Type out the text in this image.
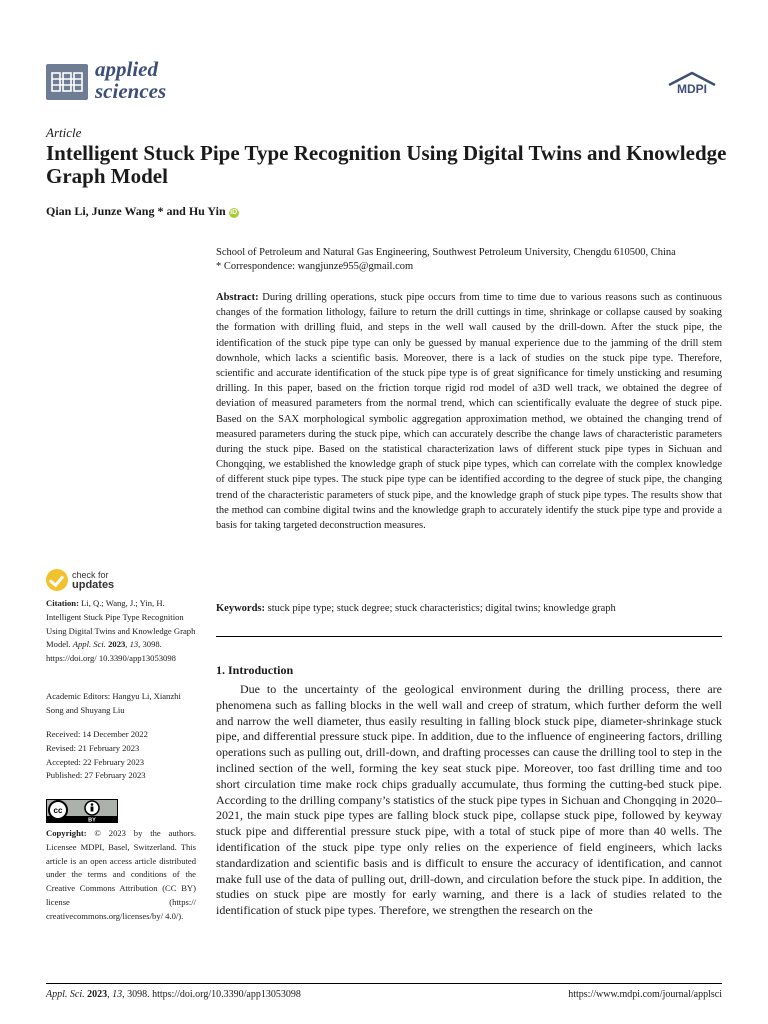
applied
sciences	MDPI
Article
Intelligent Stuck Pipe Type Recognition Using Digital Twins and Knowledge Graph Model
Qian Li, Junze Wang * and Hu Yin iD
School of Petroleum and Natural Gas Engineering, Southwest Petroleum University, Chengdu 610500, China
* Correspondence: wangjunze955@gmail.com
Abstract: During drilling operations, stuck pipe occurs from time to time due to various reasons such as continuous changes of the formation lithology, failure to return the drill cuttings in time, shrinkage or collapse caused by soaking the formation with drilling fluid, and steps in the well wall caused by the drill-down. After the stuck pipe, the identification of the stuck pipe type can only be guessed by manual experience due to the jamming of the drill stem downhole, which lacks a scientific basis. Moreover, there is a lack of studies on the stuck pipe type. Therefore, scientific and accurate identification of the stuck pipe type is of great significance for timely unsticking and resuming drilling. In this paper, based on the friction torque rigid rod model of a3D well track, we obtained the degree of deviation of measured parameters from the normal trend, which can scientifically evaluate the degree of stuck pipe. Based on the SAX morphological symbolic aggregation approximation method, we obtained the changing trend of measured parameters during the stuck pipe, which can accurately describe the change laws of characteristic parameters during the stuck pipe. Based on the statistical characterization laws of different stuck pipe types in Sichuan and Chongqing, we established the knowledge graph of stuck pipe types, which can correlate with the complex knowledge of different stuck pipe types. The stuck pipe type can be identified according to the degree of stuck pipe, the changing trend of the characteristic parameters of stuck pipe, and the knowledge graph of stuck pipe types. The results show that the method can combine digital twins and the knowledge graph to accurately identify the stuck pipe type and provide a basis for taking targeted deconstruction measures.
Keywords: stuck pipe type; stuck degree; stuck characteristics; digital twins; knowledge graph
1. Introduction
Due to the uncertainty of the geological environment during the drilling process, there are phenomena such as falling blocks in the well wall and creep of stratum, which further deform the well and narrow the well diameter, thus easily resulting in falling block stuck pipe, diameter-shrinkage stuck pipe, and differential pressure stuck pipe. In addition, due to the influence of engineering factors, drilling operations such as pulling out, drill-down, and drafting processes can cause the drilling tool to step in the inclined section of the well, forming the key seat stuck pipe. Moreover, too fast drilling time and too short circulation time make rock chips gradually accumulate, thus forming the cutting-bed stuck pipe. According to the drilling company’s statistics of the stuck pipe types in Sichuan and Chongqing in 2020–2021, the main stuck pipe types are falling block stuck pipe, collapse stuck pipe, followed by keyway stuck pipe and differential pressure stuck pipe, with a total of stuck pipe of more than 40 wells. The identification of the stuck pipe type only relies on the experience of field engineers, which lacks standardization and scientific basis and is difficult to ensure the accuracy of identification, and cannot make full use of the data of pulling out, drill-down, and circulation before the stuck pipe. In addition, the studies on stuck pipe are mostly for early warning, and there is a lack of studies related to the identification of stuck pipe types. Therefore, we strengthen the research on the
check for
updates
Citation: Li, Q.; Wang, J.; Yin, H. Intelligent Stuck Pipe Type Recognition Using Digital Twins and Knowledge Graph Model. Appl. Sci. 2023, 13, 3098. https://doi.org/ 10.3390/app13053098
Academic Editors: Hangyu Li, Xianzhi Song and Shuyang Liu
Received: 14 December 2022
Revised: 21 February 2023
Accepted: 22 February 2023
Published: 27 February 2023
cc
BY
Copyright: © 2023 by the authors. Licensee MDPI, Basel, Switzerland. This article is an open access article distributed under the terms and conditions of the Creative Commons Attribution (CC BY) license (https:// creativecommons.org/licenses/by/ 4.0/).
Appl. Sci. 2023, 13, 3098. https://doi.org/10.3390/app13053098	https://www.mdpi.com/journal/applsci
